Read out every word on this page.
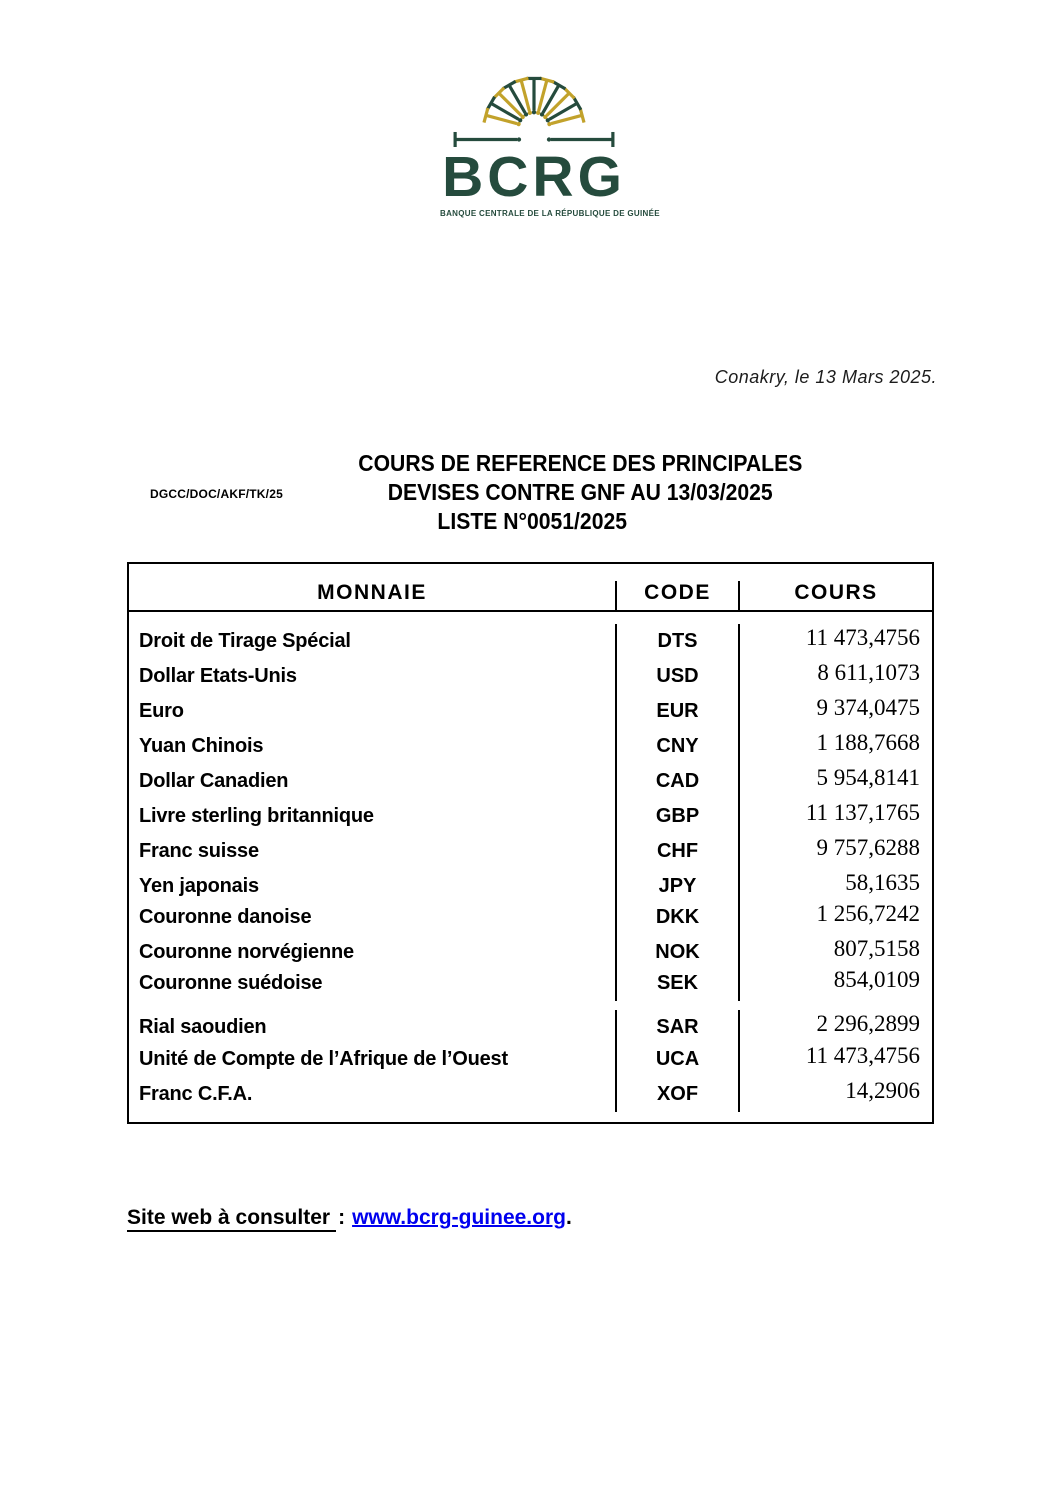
BCRG
BANQUE CENTRALE DE LA RÉPUBLIQUE DE GUINÉE
Conakry, le 13 Mars 2025.
DGCC/DOC/AKF/TK/25
COURS DE REFERENCE DES PRINCIPALES
DEVISES CONTRE GNF AU 13/03/2025
LISTE N°0051/2025
MONNAIE	CODE	COURS
Droit de Tirage Spécial	DTS	11 473,4756
Dollar Etats-Unis	USD	8 611,1073
Euro	EUR	9 374,0475
Yuan Chinois	CNY	1 188,7668
Dollar Canadien	CAD	5 954,8141
Livre sterling britannique	GBP	11 137,1765
Franc suisse	CHF	9 757,6288
Yen japonais	JPY	58,1635
Couronne danoise	DKK	1 256,7242
Couronne norvégienne	NOK	807,5158
Couronne suédoise	SEK	854,0109
Rial saoudien	SAR	2 296,2899
Unité de Compte de l’Afrique de l’Ouest	UCA	11 473,4756
Franc C.F.A.	XOF	14,2906
Site web à consulter : www.bcrg-guinee.org.
